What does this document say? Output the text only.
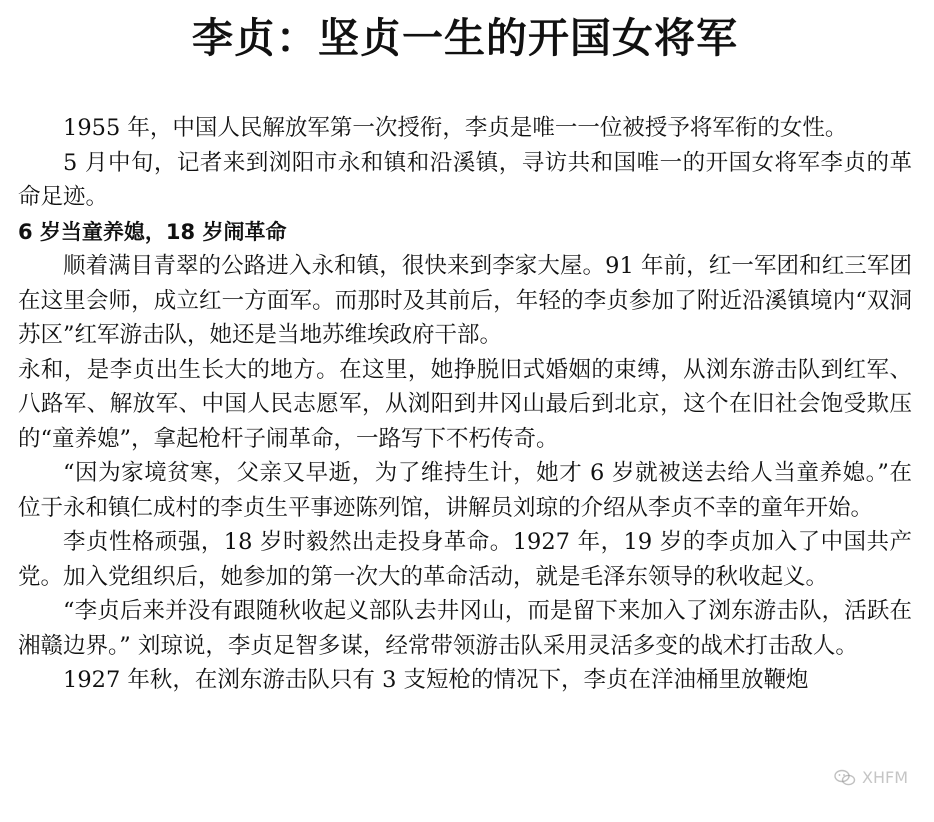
李贞：坚贞一生的开国女将军

1955 年，中国人民解放军第一次授衔，李贞是唯一一位被授予将军衔的女性。

5 月中旬，记者来到浏阳市永和镇和沿溪镇，寻访共和国唯一的开国女将军李贞的革命足迹。

6 岁当童养媳，18 岁闹革命

顺着满目青翠的公路进入永和镇，很快来到李家大屋。91 年前，红一军团和红三军团在这里会师，成立红一方面军。而那时及其前后，年轻的李贞参加了附近沿溪镇境内“双洞苏区”红军游击队，她还是当地苏维埃政府干部。

永和，是李贞出生长大的地方。在这里，她挣脱旧式婚姻的束缚，从浏东游击队到红军、八路军、解放军、中国人民志愿军，从浏阳到井冈山最后到北京，这个在旧社会饱受欺压的“童养媳”，拿起枪杆子闹革命，一路写下不朽传奇。

“因为家境贫寒，父亲又早逝，为了维持生计，她才 6 岁就被送去给人当童养媳。”在位于永和镇仁成村的李贞生平事迹陈列馆，讲解员刘琼的介绍从李贞不幸的童年开始。

李贞性格顽强，18 岁时毅然出走投身革命。1927 年，19 岁的李贞加入了中国共产党。加入党组织后，她参加的第一次大的革命活动，就是毛泽东领导的秋收起义。

“李贞后来并没有跟随秋收起义部队去井冈山，而是留下来加入了浏东游击队，活跃在湘赣边界。” 刘琼说，李贞足智多谋，经常带领游击队采用灵活多变的战术打击敌人。

1927 年秋，在浏东游击队只有 3 支短枪的情况下，李贞在洋油桶里放鞭炮

XHFM
